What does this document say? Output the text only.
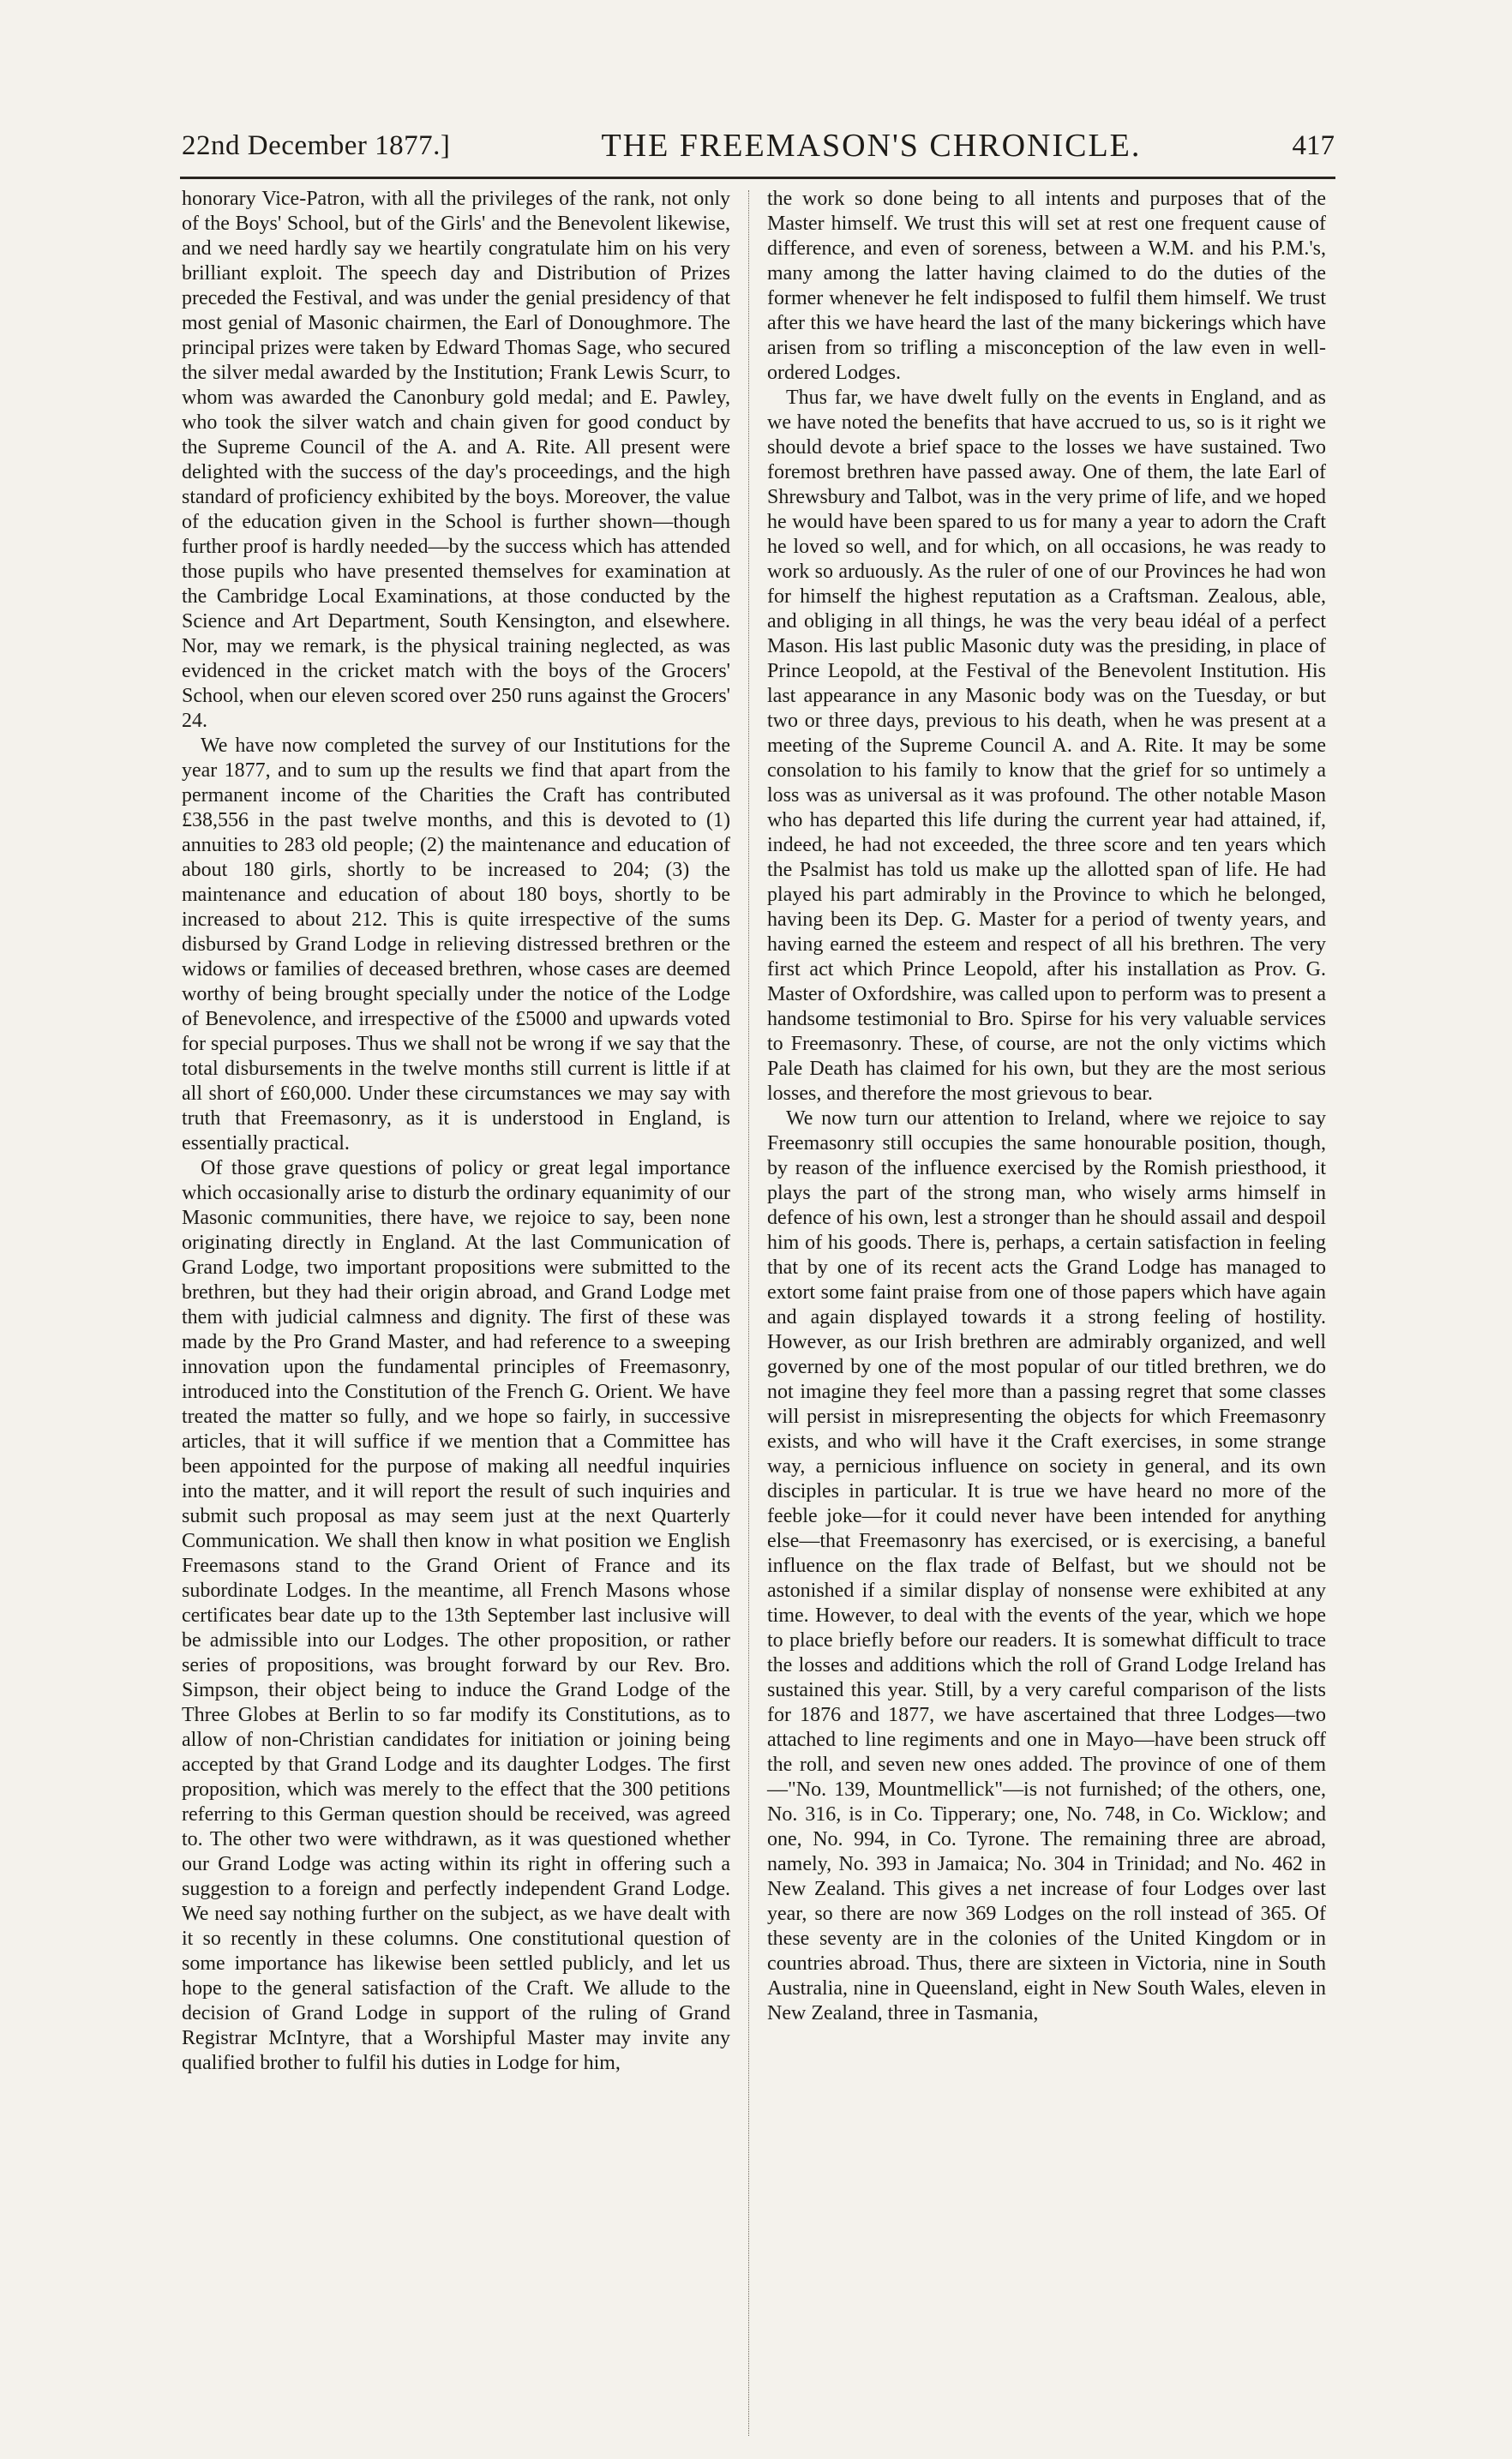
22nd December 1877.]	THE FREEMASON'S CHRONICLE.	417

honorary Vice-Patron, with all the privileges of the rank, not only of the Boys' School, but of the Girls' and the Benevolent likewise, and we need hardly say we heartily congratulate him on his very brilliant exploit. The speech day and Distribution of Prizes preceded the Festival, and was under the genial presidency of that most genial of Masonic chairmen, the Earl of Donoughmore. The principal prizes were taken by Edward Thomas Sage, who secured the silver medal awarded by the Institution; Frank Lewis Scurr, to whom was awarded the Canonbury gold medal; and E. Pawley, who took the silver watch and chain given for good conduct by the Supreme Council of the A. and A. Rite. All present were delighted with the success of the day's proceedings, and the high standard of proficiency exhibited by the boys. Moreover, the value of the education given in the School is further shown—though further proof is hardly needed—by the success which has attended those pupils who have presented themselves for examination at the Cambridge Local Examinations, at those conducted by the Science and Art Department, South Kensington, and elsewhere. Nor, may we remark, is the physical training neglected, as was evidenced in the cricket match with the boys of the Grocers' School, when our eleven scored over 250 runs against the Grocers' 24.

We have now completed the survey of our Institutions for the year 1877, and to sum up the results we find that apart from the permanent income of the Charities the Craft has contributed £38,556 in the past twelve months, and this is devoted to (1) annuities to 283 old people; (2) the maintenance and education of about 180 girls, shortly to be increased to 204; (3) the maintenance and education of about 180 boys, shortly to be increased to about 212. This is quite irrespective of the sums disbursed by Grand Lodge in relieving distressed brethren or the widows or families of deceased brethren, whose cases are deemed worthy of being brought specially under the notice of the Lodge of Benevolence, and irrespective of the £5000 and upwards voted for special purposes. Thus we shall not be wrong if we say that the total disbursements in the twelve months still current is little if at all short of £60,000. Under these circumstances we may say with truth that Freemasonry, as it is understood in England, is essentially practical.

Of those grave questions of policy or great legal importance which occasionally arise to disturb the ordinary equanimity of our Masonic communities, there have, we rejoice to say, been none originating directly in England. At the last Communication of Grand Lodge, two important propositions were submitted to the brethren, but they had their origin abroad, and Grand Lodge met them with judicial calmness and dignity. The first of these was made by the Pro Grand Master, and had reference to a sweeping innovation upon the fundamental principles of Freemasonry, introduced into the Constitution of the French G. Orient. We have treated the matter so fully, and we hope so fairly, in successive articles, that it will suffice if we mention that a Committee has been appointed for the purpose of making all needful inquiries into the matter, and it will report the result of such inquiries and submit such proposal as may seem just at the next Quarterly Communication. We shall then know in what position we English Freemasons stand to the Grand Orient of France and its subordinate Lodges. In the meantime, all French Masons whose certificates bear date up to the 13th September last inclusive will be admissible into our Lodges. The other proposition, or rather series of propositions, was brought forward by our Rev. Bro. Simpson, their object being to induce the Grand Lodge of the Three Globes at Berlin to so far modify its Constitutions, as to allow of non-Christian candidates for initiation or joining being accepted by that Grand Lodge and its daughter Lodges. The first proposition, which was merely to the effect that the 300 petitions referring to this German question should be received, was agreed to. The other two were withdrawn, as it was questioned whether our Grand Lodge was acting within its right in offering such a suggestion to a foreign and perfectly independent Grand Lodge. We need say nothing further on the subject, as we have dealt with it so recently in these columns. One constitutional question of some importance has likewise been settled publicly, and let us hope to the general satisfaction of the Craft. We allude to the decision of Grand Lodge in support of the ruling of Grand Registrar McIntyre, that a Worshipful Master may invite any qualified brother to fulfil his duties in Lodge for him,

the work so done being to all intents and purposes that of the Master himself. We trust this will set at rest one frequent cause of difference, and even of soreness, between a W.M. and his P.M.'s, many among the latter having claimed to do the duties of the former whenever he felt indisposed to fulfil them himself. We trust after this we have heard the last of the many bickerings which have arisen from so trifling a misconception of the law even in well-ordered Lodges.

Thus far, we have dwelt fully on the events in England, and as we have noted the benefits that have accrued to us, so is it right we should devote a brief space to the losses we have sustained. Two foremost brethren have passed away. One of them, the late Earl of Shrewsbury and Talbot, was in the very prime of life, and we hoped he would have been spared to us for many a year to adorn the Craft he loved so well, and for which, on all occasions, he was ready to work so arduously. As the ruler of one of our Provinces he had won for himself the highest reputation as a Craftsman. Zealous, able, and obliging in all things, he was the very beau idéal of a perfect Mason. His last public Masonic duty was the presiding, in place of Prince Leopold, at the Festival of the Benevolent Institution. His last appearance in any Masonic body was on the Tuesday, or but two or three days, previous to his death, when he was present at a meeting of the Supreme Council A. and A. Rite. It may be some consolation to his family to know that the grief for so untimely a loss was as universal as it was profound. The other notable Mason who has departed this life during the current year had attained, if, indeed, he had not exceeded, the three score and ten years which the Psalmist has told us make up the allotted span of life. He had played his part admirably in the Province to which he belonged, having been its Dep. G. Master for a period of twenty years, and having earned the esteem and respect of all his brethren. The very first act which Prince Leopold, after his installation as Prov. G. Master of Oxfordshire, was called upon to perform was to present a handsome testimonial to Bro. Spirse for his very valuable services to Freemasonry. These, of course, are not the only victims which Pale Death has claimed for his own, but they are the most serious losses, and therefore the most grievous to bear.

We now turn our attention to Ireland, where we rejoice to say Freemasonry still occupies the same honourable position, though, by reason of the influence exercised by the Romish priesthood, it plays the part of the strong man, who wisely arms himself in defence of his own, lest a stronger than he should assail and despoil him of his goods. There is, perhaps, a certain satisfaction in feeling that by one of its recent acts the Grand Lodge has managed to extort some faint praise from one of those papers which have again and again displayed towards it a strong feeling of hostility. However, as our Irish brethren are admirably organized, and well governed by one of the most popular of our titled brethren, we do not imagine they feel more than a passing regret that some classes will persist in misrepresenting the objects for which Freemasonry exists, and who will have it the Craft exercises, in some strange way, a pernicious influence on society in general, and its own disciples in particular. It is true we have heard no more of the feeble joke—for it could never have been intended for anything else—that Freemasonry has exercised, or is exercising, a baneful influence on the flax trade of Belfast, but we should not be astonished if a similar display of nonsense were exhibited at any time. However, to deal with the events of the year, which we hope to place briefly before our readers. It is somewhat difficult to trace the losses and additions which the roll of Grand Lodge Ireland has sustained this year. Still, by a very careful comparison of the lists for 1876 and 1877, we have ascertained that three Lodges—two attached to line regiments and one in Mayo—have been struck off the roll, and seven new ones added. The province of one of them—"No. 139, Mountmellick"—is not furnished; of the others, one, No. 316, is in Co. Tipperary; one, No. 748, in Co. Wicklow; and one, No. 994, in Co. Tyrone. The remaining three are abroad, namely, No. 393 in Jamaica; No. 304 in Trinidad; and No. 462 in New Zealand. This gives a net increase of four Lodges over last year, so there are now 369 Lodges on the roll instead of 365. Of these seventy are in the colonies of the United Kingdom or in countries abroad. Thus, there are sixteen in Victoria, nine in South Australia, nine in Queensland, eight in New South Wales, eleven in New Zealand, three in Tasmania,
